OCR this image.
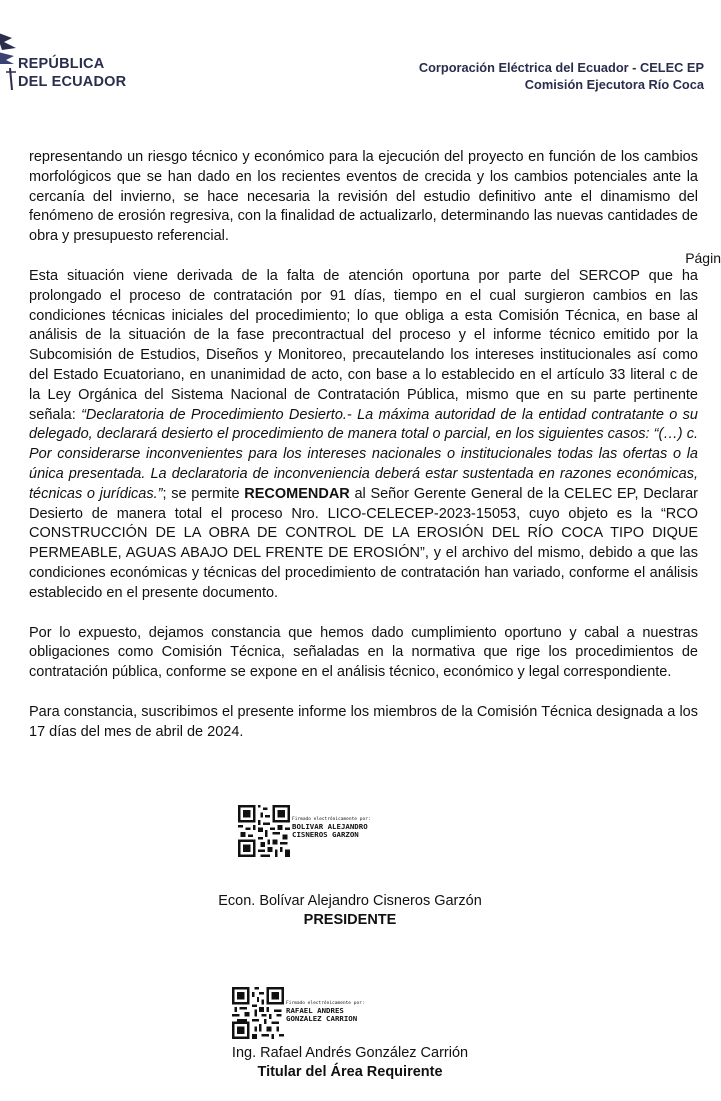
REPÚBLICA
DEL ECUADOR
Corporación Eléctrica del Ecuador - CELEC EP
Comisión Ejecutora Río Coca
Págin

representando un riesgo técnico y económico para la ejecución del proyecto en función de los cambios morfológicos que se han dado en los recientes eventos de crecida y los cambios potenciales ante la cercanía del invierno, se hace necesaria la revisión del estudio definitivo ante el dinamismo del fenómeno de erosión regresiva, con la finalidad de actualizarlo, determinando las nuevas cantidades de obra y presupuesto referencial.

Esta situación viene derivada de la falta de atención oportuna por parte del SERCOP que ha prolongado el proceso de contratación por 91 días, tiempo en el cual surgieron cambios en las condiciones técnicas iniciales del procedimiento; lo que obliga a esta Comisión Técnica, en base al análisis de la situación de la fase precontractual del proceso y el informe técnico emitido por la Subcomisión de Estudios, Diseños y Monitoreo, precautelando los intereses institucionales así como del Estado Ecuatoriano, en unanimidad de acto, con base a lo establecido en el artículo 33 literal c de la Ley Orgánica del Sistema Nacional de Contratación Pública, mismo que en su parte pertinente señala: “Declaratoria de Procedimiento Desierto.- La máxima autoridad de la entidad contratante o su delegado, declarará desierto el procedimiento de manera total o parcial, en los siguientes casos: “(…) c. Por considerarse inconvenientes para los intereses nacionales o institucionales todas las ofertas o la única presentada. La declaratoria de inconveniencia deberá estar sustentada en razones económicas, técnicas o jurídicas.”; se permite RECOMENDAR al Señor Gerente General de la CELEC EP, Declarar Desierto de manera total el proceso Nro. LICO-CELECEP-2023-15053, cuyo objeto es la “RCO CONSTRUCCIÓN DE LA OBRA DE CONTROL DE LA EROSIÓN DEL RÍO COCA TIPO DIQUE PERMEABLE, AGUAS ABAJO DEL FRENTE DE EROSIÓN”, y el archivo del mismo, debido a que las condiciones económicas y técnicas del procedimiento de contratación han variado, conforme el análisis establecido en el presente documento.

Por lo expuesto, dejamos constancia que hemos dado cumplimiento oportuno y cabal a nuestras obligaciones como Comisión Técnica, señaladas en la normativa que rige los procedimientos de contratación pública, conforme se expone en el análisis técnico, económico y legal correspondiente.

Para constancia, suscribimos el presente informe los miembros de la Comisión Técnica designada a los 17 días del mes de abril de 2024.

Firmado electrónicamente por:
BOLIVAR ALEJANDRO
CISNEROS GARZON
Econ. Bolívar Alejandro Cisneros Garzón
PRESIDENTE
Firmado electrónicamente por:
RAFAEL ANDRES
GONZALEZ CARRION
Ing. Rafael Andrés González Carrión
Titular del Área Requirente
